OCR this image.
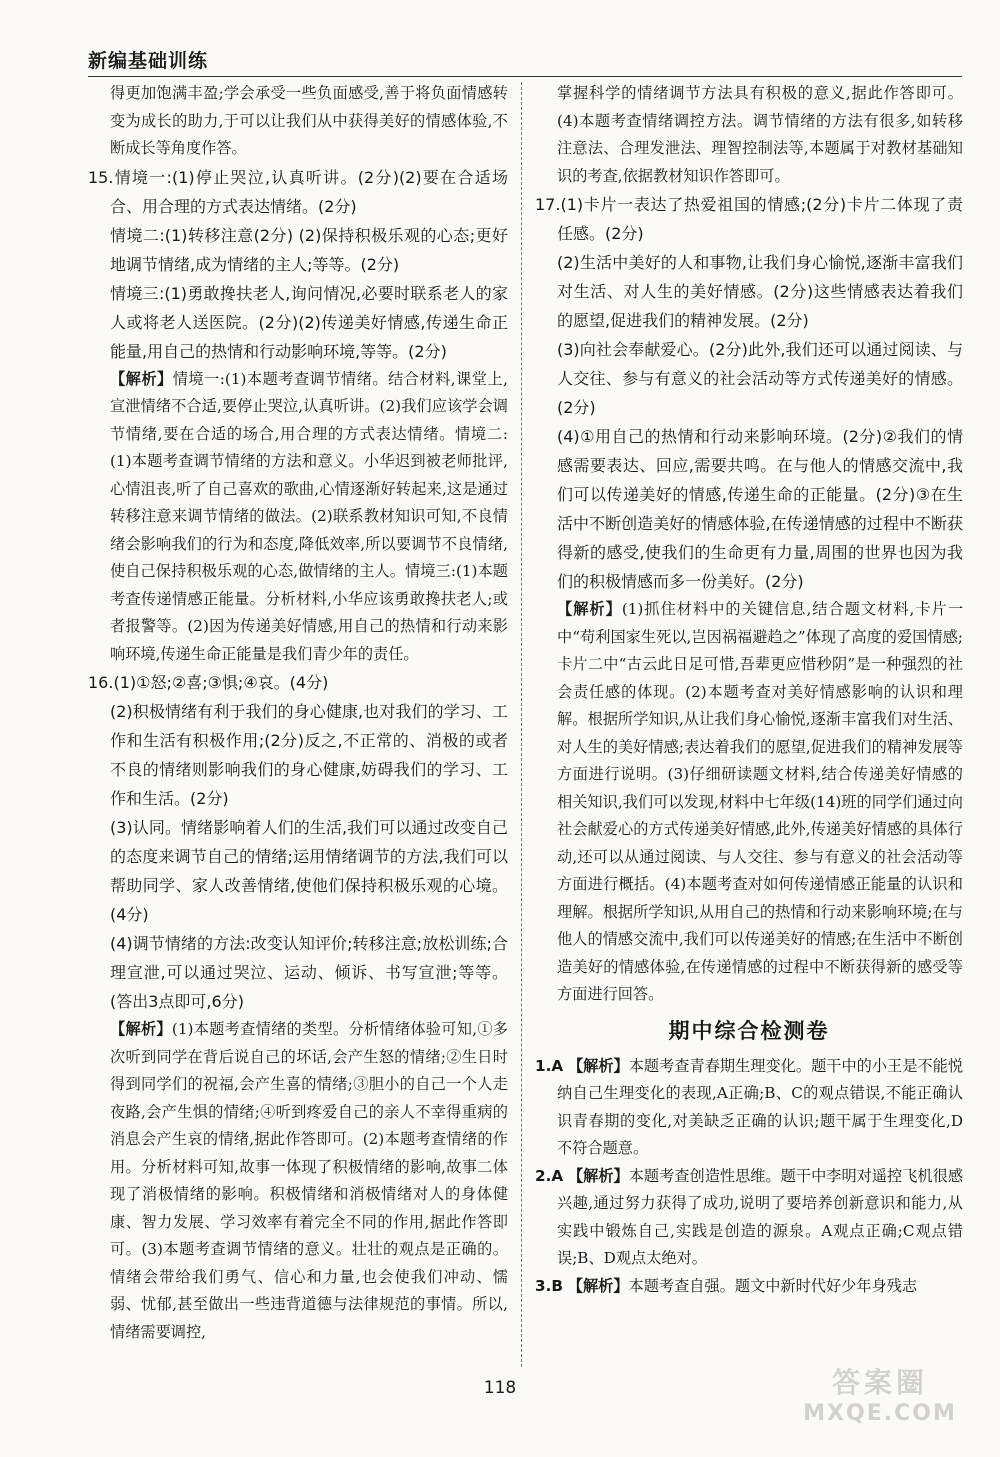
新编基础训练

得更加饱满丰盈;学会承受一些负面感受,善于将负面情感转变为成长的助力,于可以让我们从中获得美好的情感体验,不断成长等角度作答。

15.情境一:(1)停止哭泣,认真听讲。(2分)(2)要在合适场合、用合理的方式表达情绪。(2分)

情境二:(1)转移注意(2分) (2)保持积极乐观的心态;更好地调节情绪,成为情绪的主人;等等。(2分)

情境三:(1)勇敢搀扶老人,询问情况,必要时联系老人的家人或将老人送医院。(2分)(2)传递美好情感,传递生命正能量,用自己的热情和行动影响环境,等等。(2分)

【解析】情境一:(1)本题考查调节情绪。结合材料,课堂上,宣泄情绪不合适,要停止哭泣,认真听讲。(2)我们应该学会调节情绪,要在合适的场合,用合理的方式表达情绪。情境二:(1)本题考查调节情绪的方法和意义。小华迟到被老师批评,心情沮丧,听了自己喜欢的歌曲,心情逐渐好转起来,这是通过转移注意来调节情绪的做法。(2)联系教材知识可知,不良情绪会影响我们的行为和态度,降低效率,所以要调节不良情绪,使自己保持积极乐观的心态,做情绪的主人。情境三:(1)本题考查传递情感正能量。分析材料,小华应该勇敢搀扶老人;或者报警等。(2)因为传递美好情感,用自己的热情和行动来影响环境,传递生命正能量是我们青少年的责任。

16.(1)①怒;②喜;③惧;④哀。(4分)

(2)积极情绪有利于我们的身心健康,也对我们的学习、工作和生活有积极作用;(2分)反之,不正常的、消极的或者不良的情绪则影响我们的身心健康,妨碍我们的学习、工作和生活。(2分)

(3)认同。情绪影响着人们的生活,我们可以通过改变自己的态度来调节自己的情绪;运用情绪调节的方法,我们可以帮助同学、家人改善情绪,使他们保持积极乐观的心境。(4分)

(4)调节情绪的方法:改变认知评价;转移注意;放松训练;合理宣泄,可以通过哭泣、运动、倾诉、书写宣泄;等等。(答出3点即可,6分)

【解析】(1)本题考查情绪的类型。分析情绪体验可知,①多次听到同学在背后说自己的坏话,会产生怒的情绪;②生日时得到同学们的祝福,会产生喜的情绪;③胆小的自己一个人走夜路,会产生惧的情绪;④听到疼爱自己的亲人不幸得重病的消息会产生哀的情绪,据此作答即可。(2)本题考查情绪的作用。分析材料可知,故事一体现了积极情绪的影响,故事二体现了消极情绪的影响。积极情绪和消极情绪对人的身体健康、智力发展、学习效率有着完全不同的作用,据此作答即可。(3)本题考查调节情绪的意义。壮壮的观点是正确的。情绪会带给我们勇气、信心和力量,也会使我们冲动、懦弱、忧郁,甚至做出一些违背道德与法律规范的事情。所以,情绪需要调控,

掌握科学的情绪调节方法具有积极的意义,据此作答即可。(4)本题考查情绪调控方法。调节情绪的方法有很多,如转移注意法、合理发泄法、理智控制法等,本题属于对教材基础知识的考查,依据教材知识作答即可。

17.(1)卡片一表达了热爱祖国的情感;(2分)卡片二体现了责任感。(2分)

(2)生活中美好的人和事物,让我们身心愉悦,逐渐丰富我们对生活、对人生的美好情感。(2分)这些情感表达着我们的愿望,促进我们的精神发展。(2分)

(3)向社会奉献爱心。(2分)此外,我们还可以通过阅读、与人交往、参与有意义的社会活动等方式传递美好的情感。(2分)

(4)①用自己的热情和行动来影响环境。(2分)②我们的情感需要表达、回应,需要共鸣。在与他人的情感交流中,我们可以传递美好的情感,传递生命的正能量。(2分)③在生活中不断创造美好的情感体验,在传递情感的过程中不断获得新的感受,使我们的生命更有力量,周围的世界也因为我们的积极情感而多一份美好。(2分)

【解析】(1)抓住材料中的关键信息,结合题文材料,卡片一中“苟利国家生死以,岂因祸福避趋之”体现了高度的爱国情感;卡片二中“古云此日足可惜,吾辈更应惜秒阴”是一种强烈的社会责任感的体现。(2)本题考查对美好情感影响的认识和理解。根据所学知识,从让我们身心愉悦,逐渐丰富我们对生活、对人生的美好情感;表达着我们的愿望,促进我们的精神发展等方面进行说明。(3)仔细研读题文材料,结合传递美好情感的相关知识,我们可以发现,材料中七年级(14)班的同学们通过向社会献爱心的方式传递美好情感,此外,传递美好情感的具体行动,还可以从通过阅读、与人交往、参与有意义的社会活动等方面进行概括。(4)本题考查对如何传递情感正能量的认识和理解。根据所学知识,从用自己的热情和行动来影响环境;在与他人的情感交流中,我们可以传递美好的情感;在生活中不断创造美好的情感体验,在传递情感的过程中不断获得新的感受等方面进行回答。

期中综合检测卷

1.A 【解析】本题考查青春期生理变化。题干中的小王是不能悦纳自己生理变化的表现,A正确;B、C的观点错误,不能正确认识青春期的变化,对美缺乏正确的认识;题干属于生理变化,D不符合题意。

2.A 【解析】本题考查创造性思维。题干中李明对遥控飞机很感兴趣,通过努力获得了成功,说明了要培养创新意识和能力,从实践中锻炼自己,实践是创造的源泉。A观点正确;C观点错误;B、D观点太绝对。

3.B 【解析】本题考查自强。题文中新时代好少年身残志

118	答案圈
MXQE.COM
